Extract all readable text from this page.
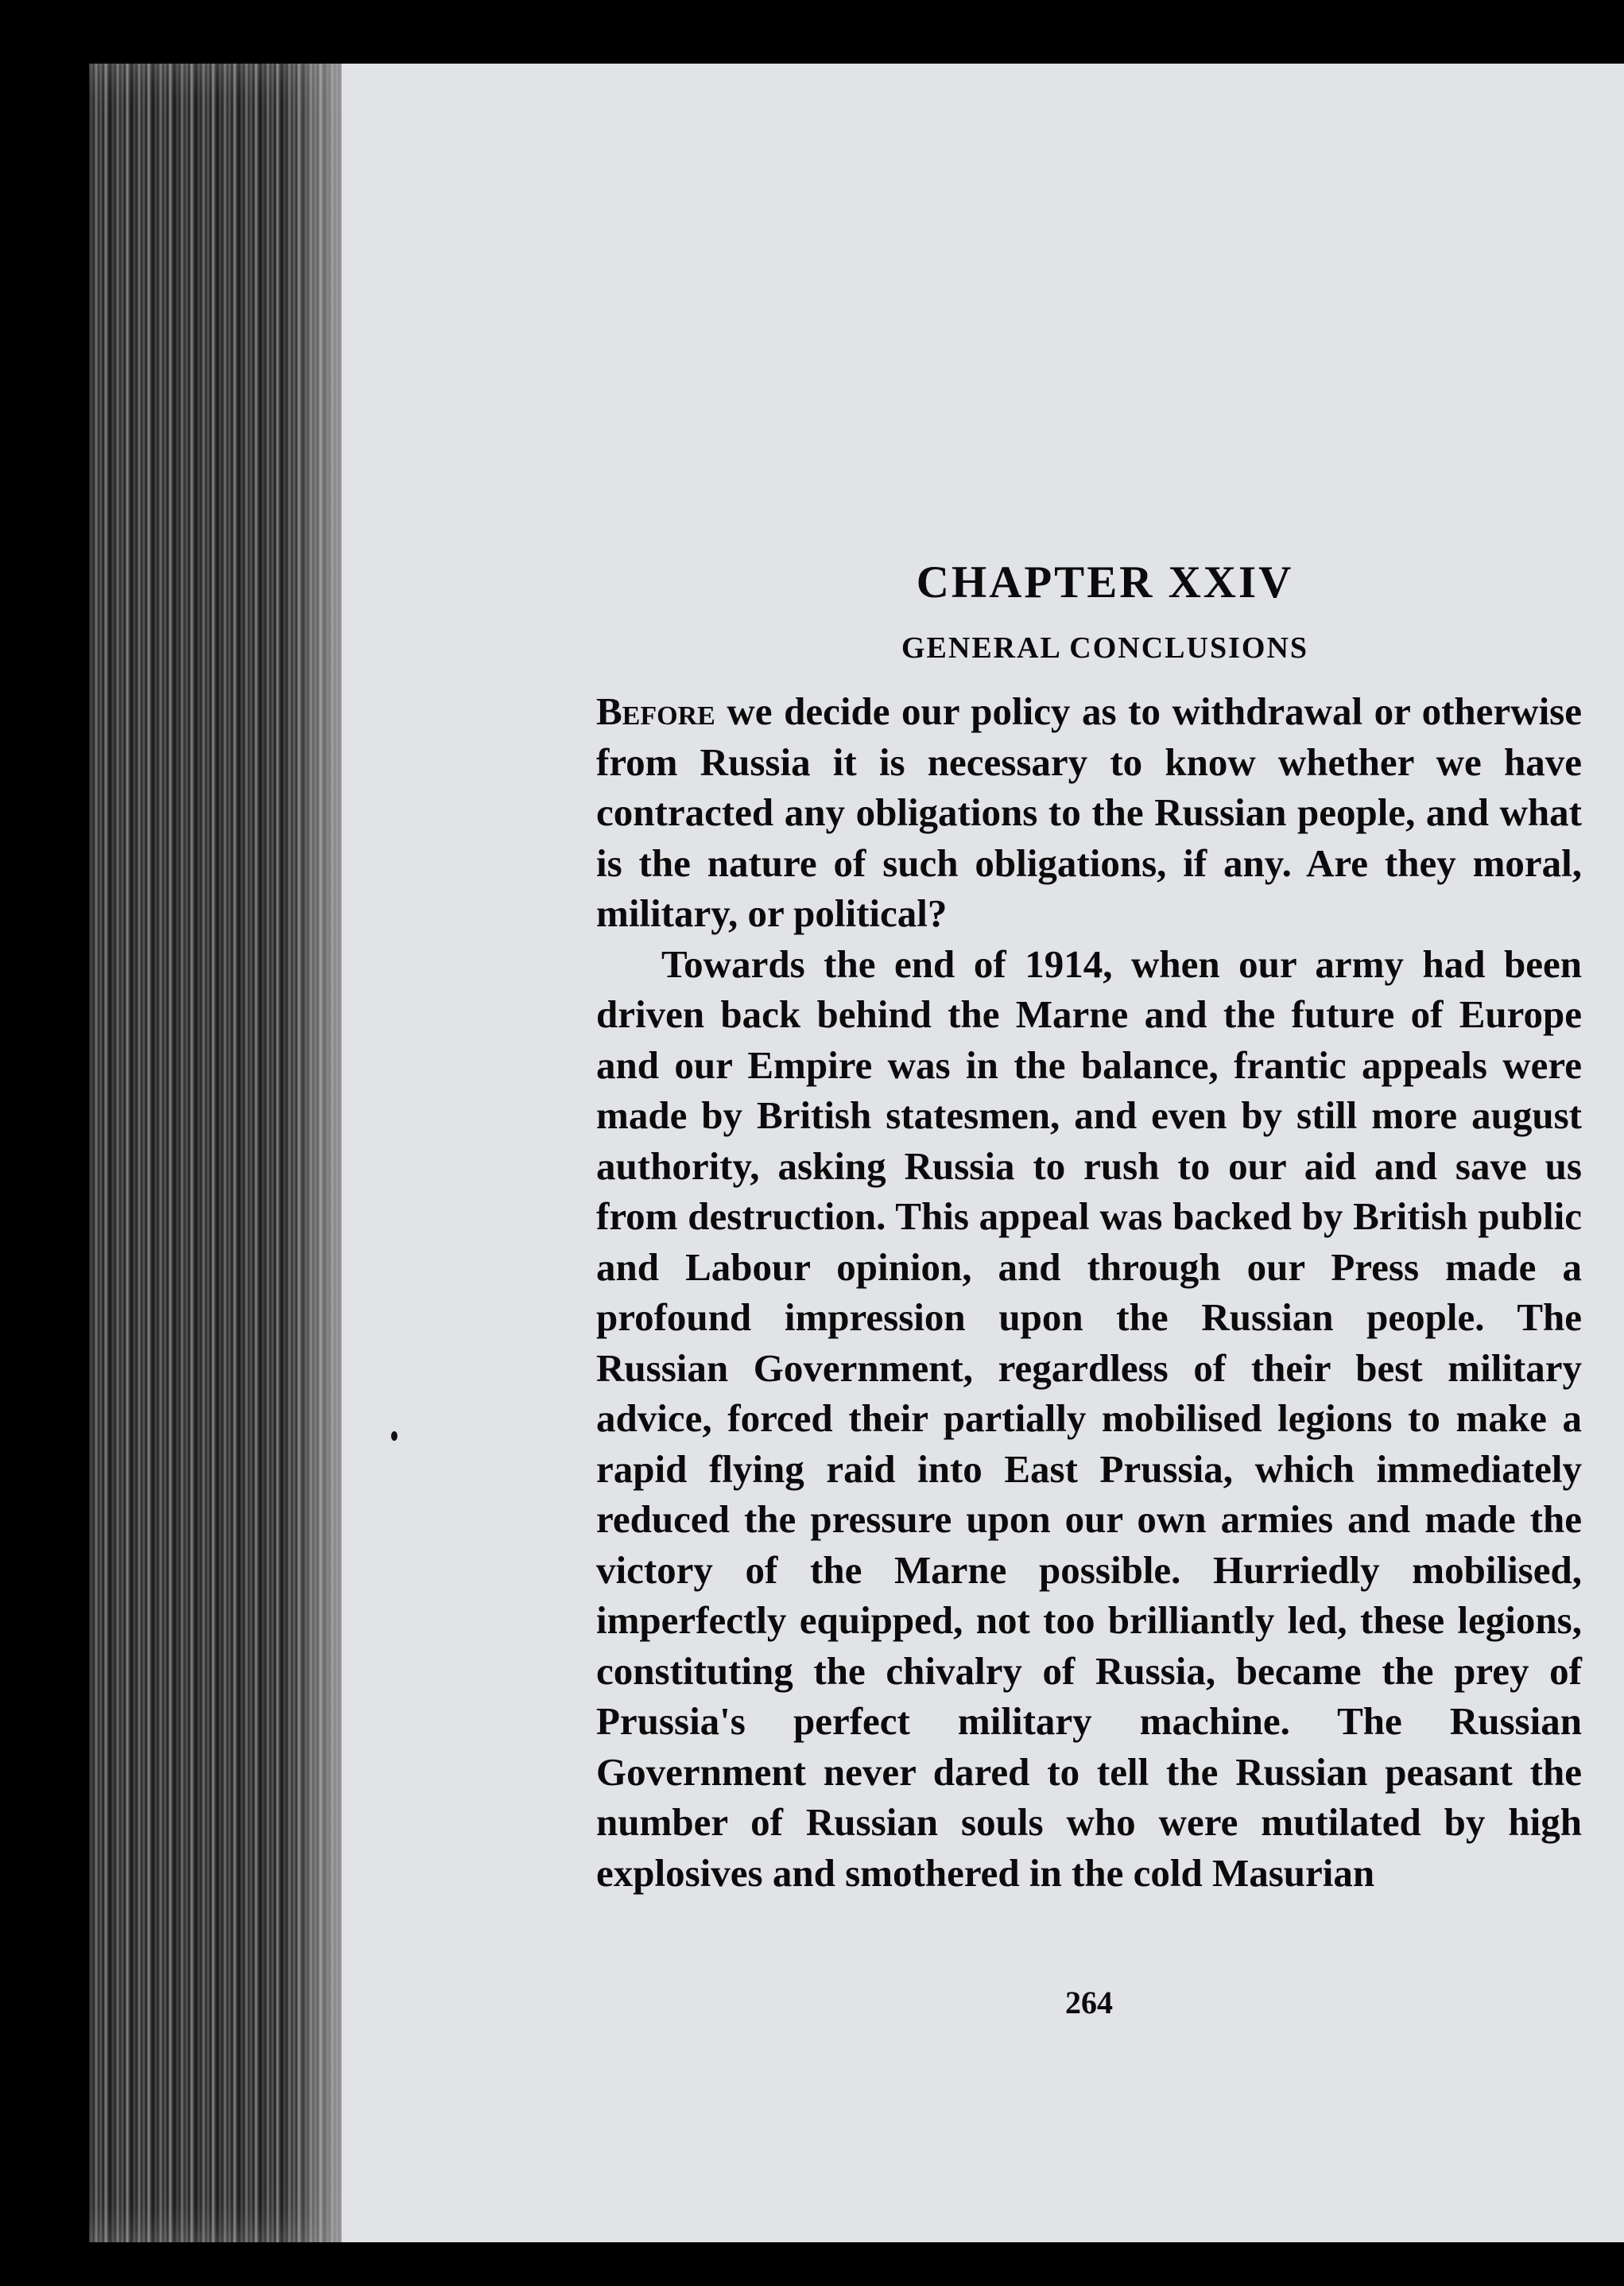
CHAPTER XXIV
GENERAL CONCLUSIONS

Before we decide our policy as to withdrawal or otherwise from Russia it is necessary to know whether we have contracted any obligations to the Russian people, and what is the nature of such obligations, if any. Are they moral, military, or political?

Towards the end of 1914, when our army had been driven back behind the Marne and the future of Europe and our Empire was in the balance, frantic appeals were made by British statesmen, and even by still more august authority, asking Russia to rush to our aid and save us from destruction. This appeal was backed by British public and Labour opinion, and through our Press made a profound impression upon the Russian people. The Russian Government, regardless of their best military advice, forced their partially mobilised legions to make a rapid flying raid into East Prussia, which immediately reduced the pressure upon our own armies and made the victory of the Marne possible. Hurriedly mobilised, imperfectly equipped, not too brilliantly led, these legions, constituting the chivalry of Russia, became the prey of Prussia's perfect military machine. The Russian Government never dared to tell the Russian peasant the number of Russian souls who were mutilated by high explosives and smothered in the cold Masurian

264
